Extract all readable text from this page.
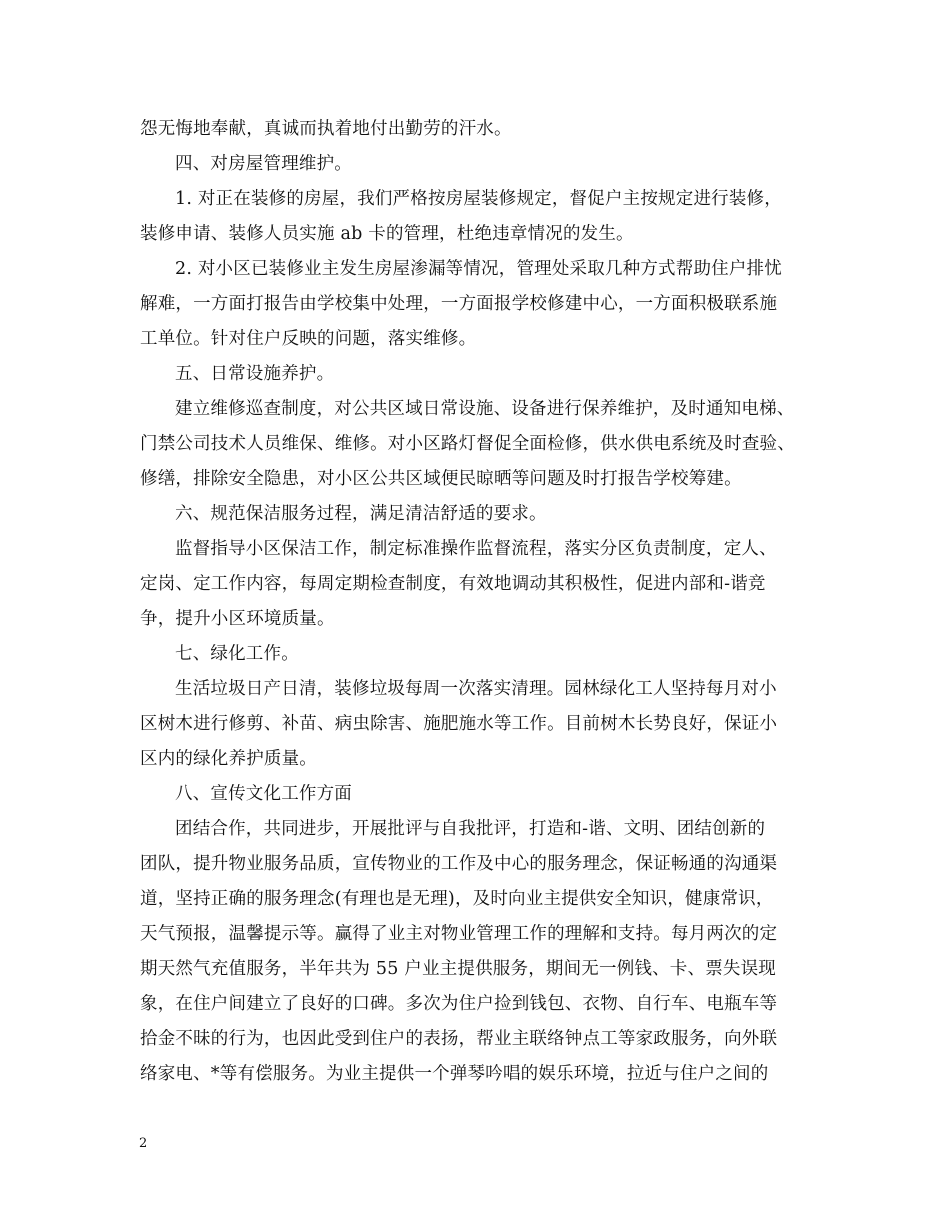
怨无悔地奉献，真诚而执着地付出勤劳的汗水。
四、对房屋管理维护。
1. 对正在装修的房屋，我们严格按房屋装修规定，督促户主按规定进行装修，
装修申请、装修人员实施 ab 卡的管理，杜绝违章情况的发生。
2. 对小区已装修业主发生房屋渗漏等情况，管理处采取几种方式帮助住户排忧
解难，一方面打报告由学校集中处理，一方面报学校修建中心，一方面积极联系施
工单位。针对住户反映的问题，落实维修。
五、日常设施养护。
建立维修巡查制度，对公共区域日常设施、设备进行保养维护，及时通知电梯、
门禁公司技术人员维保、维修。对小区路灯督促全面检修，供水供电系统及时查验、
修缮，排除安全隐患，对小区公共区域便民晾晒等问题及时打报告学校筹建。
六、规范保洁服务过程，满足清洁舒适的要求。
监督指导小区保洁工作，制定标准操作监督流程，落实分区负责制度，定人、
定岗、定工作内容，每周定期检查制度，有效地调动其积极性，促进内部和-谐竞
争，提升小区环境质量。
七、绿化工作。
生活垃圾日产日清，装修垃圾每周一次落实清理。园林绿化工人坚持每月对小
区树木进行修剪、补苗、病虫除害、施肥施水等工作。目前树木长势良好，保证小
区内的绿化养护质量。
八、宣传文化工作方面
团结合作，共同进步，开展批评与自我批评，打造和-谐、文明、团结创新的
团队，提升物业服务品质，宣传物业的工作及中心的服务理念，保证畅通的沟通渠
道，坚持正确的服务理念(有理也是无理)，及时向业主提供安全知识，健康常识，
天气预报，温馨提示等。赢得了业主对物业管理工作的理解和支持。每月两次的定
期天然气充值服务，半年共为 55 户业主提供服务，期间无一例钱、卡、票失误现
象，在住户间建立了良好的口碑。多次为住户捡到钱包、衣物、自行车、电瓶车等
拾金不昧的行为，也因此受到住户的表扬，帮业主联络钟点工等家政服务，向外联
络家电、*等有偿服务。为业主提供一个弹琴吟唱的娱乐环境，拉近与住户之间的
2
